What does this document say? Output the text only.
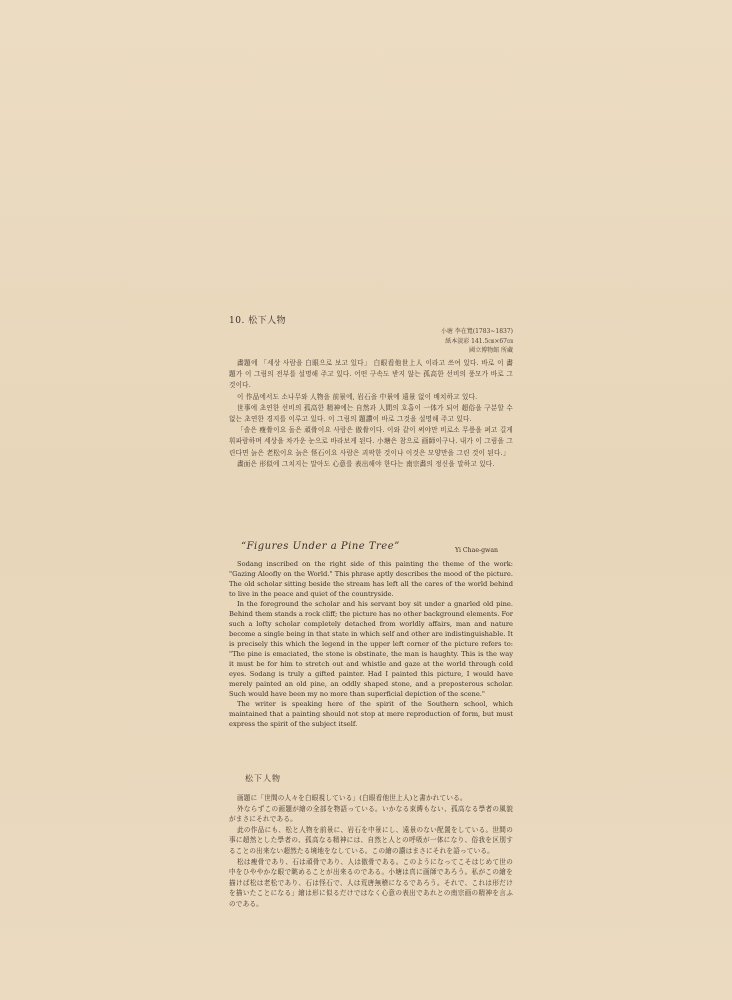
10. 松下人物
小塘 李在寬(1783~1837)
紙本淡彩 141.5㎝×67㎝
國立博物館 所藏

畵題에 「세상 사람을 白眼으로 보고 있다」 白眼看他世上人 이라고 쓰여 있다. 바로 이 畵題가 이 그림의 전부를 설명해 주고 있다. 어떤 구속도 받지 않는 孤高한 선비의 풍모가 바로 그것이다.

이 作品에서도 소나무와 人物을 前景에, 岩石을 中景에 遠景 없이 배치하고 있다.

世事에 초연한 선비의 孤高한 精神에는 自然과 人間의 호흡이 一体가 되어 超俗을 구분할 수 없는 초연한 경지를 이루고 있다. 이 그림의 題讚이 바로 그것을 설명해 주고 있다.

「솔은 瘦骨이요 돌은 頑骨이요 사람은 傲骨이다. 이와 같이 써야만 비로소 무릎을 펴고 길게 휘파람하며 세상을 차가운 눈으로 바라보게 된다. 小塘은 참으로 画師이구나. 내가 이 그림을 그린다면 늙은 老松이요 늙은 怪石이요 사람은 괴팍한 것이나 이것은 모양만을 그린 것이 된다.」

畵面은 形似에 그치지는 말아도 心意를 表出해야 한다는 南宗畵의 정신을 말하고 있다.

“Figures Under a Pine Tree”	Yi Chae-gwan

Sodang inscribed on the right side of this painting the theme of the work: "Gazing Aloofly on the World." This phrase aptly describes the mood of the picture. The old scholar sitting beside the stream has left all the cares of the world behind to live in the peace and quiet of the countryside.

In the foreground the scholar and his servant boy sit under a gnarled old pine. Behind them stands a rock cliff; the picture has no other background elements. For such a lofty scholar completely detached from worldly affairs, man and nature become a single being in that state in which self and other are indistinguishable. It is precisely this which the legend in the upper left corner of the picture refers to: "The pine is emaciated, the stone is obstinate, the man is haughty. This is the way it must be for him to stretch out and whistle and gaze at the world through cold eyes. Sodang is truly a gifted painter. Had I painted this picture, I would have merely painted an old pine, an oddly shaped stone, and a preposterous scholar. Such would have been my no more than superficial depiction of the scene."

The writer is speaking here of the spirit of the Southern school, which maintained that a painting should not stop at mere reproduction of form, but must express the spirit of the subject itself.

松下人物

画題に「世間の人々を白眼視している」(白眼看他世上人)と書かれている。

外ならずこの画題が繪の全部を物語っている。いかなる束縛もない、孤高なる學者の風貌がまさにそれである。

此の作品にも、松と人物を前景に、岩石を中景にし、遠景のない配置をしている。世間の事に超然とした學者の、孤高なる精神には、自然と人との呼吸が一体になり、俗我を区別することの出来ない超然たる境地をなしている。この繪の讃はまさにそれを語っている。

松は瘦骨であり、石は頑骨であり、人は傲骨である。このようになってこそはじめて世の中をひややかな眼で眺めることが出来るのである。小塘は真に画師であろう。私がこの繪を描けば松は老松であり、石は怪石で、人は荒唐無稽になるであろう。それで、これは形だけを描いたことになる」繪は形に似るだけではなく心意の表出であれとの南宗画の精神を言ふのである。
